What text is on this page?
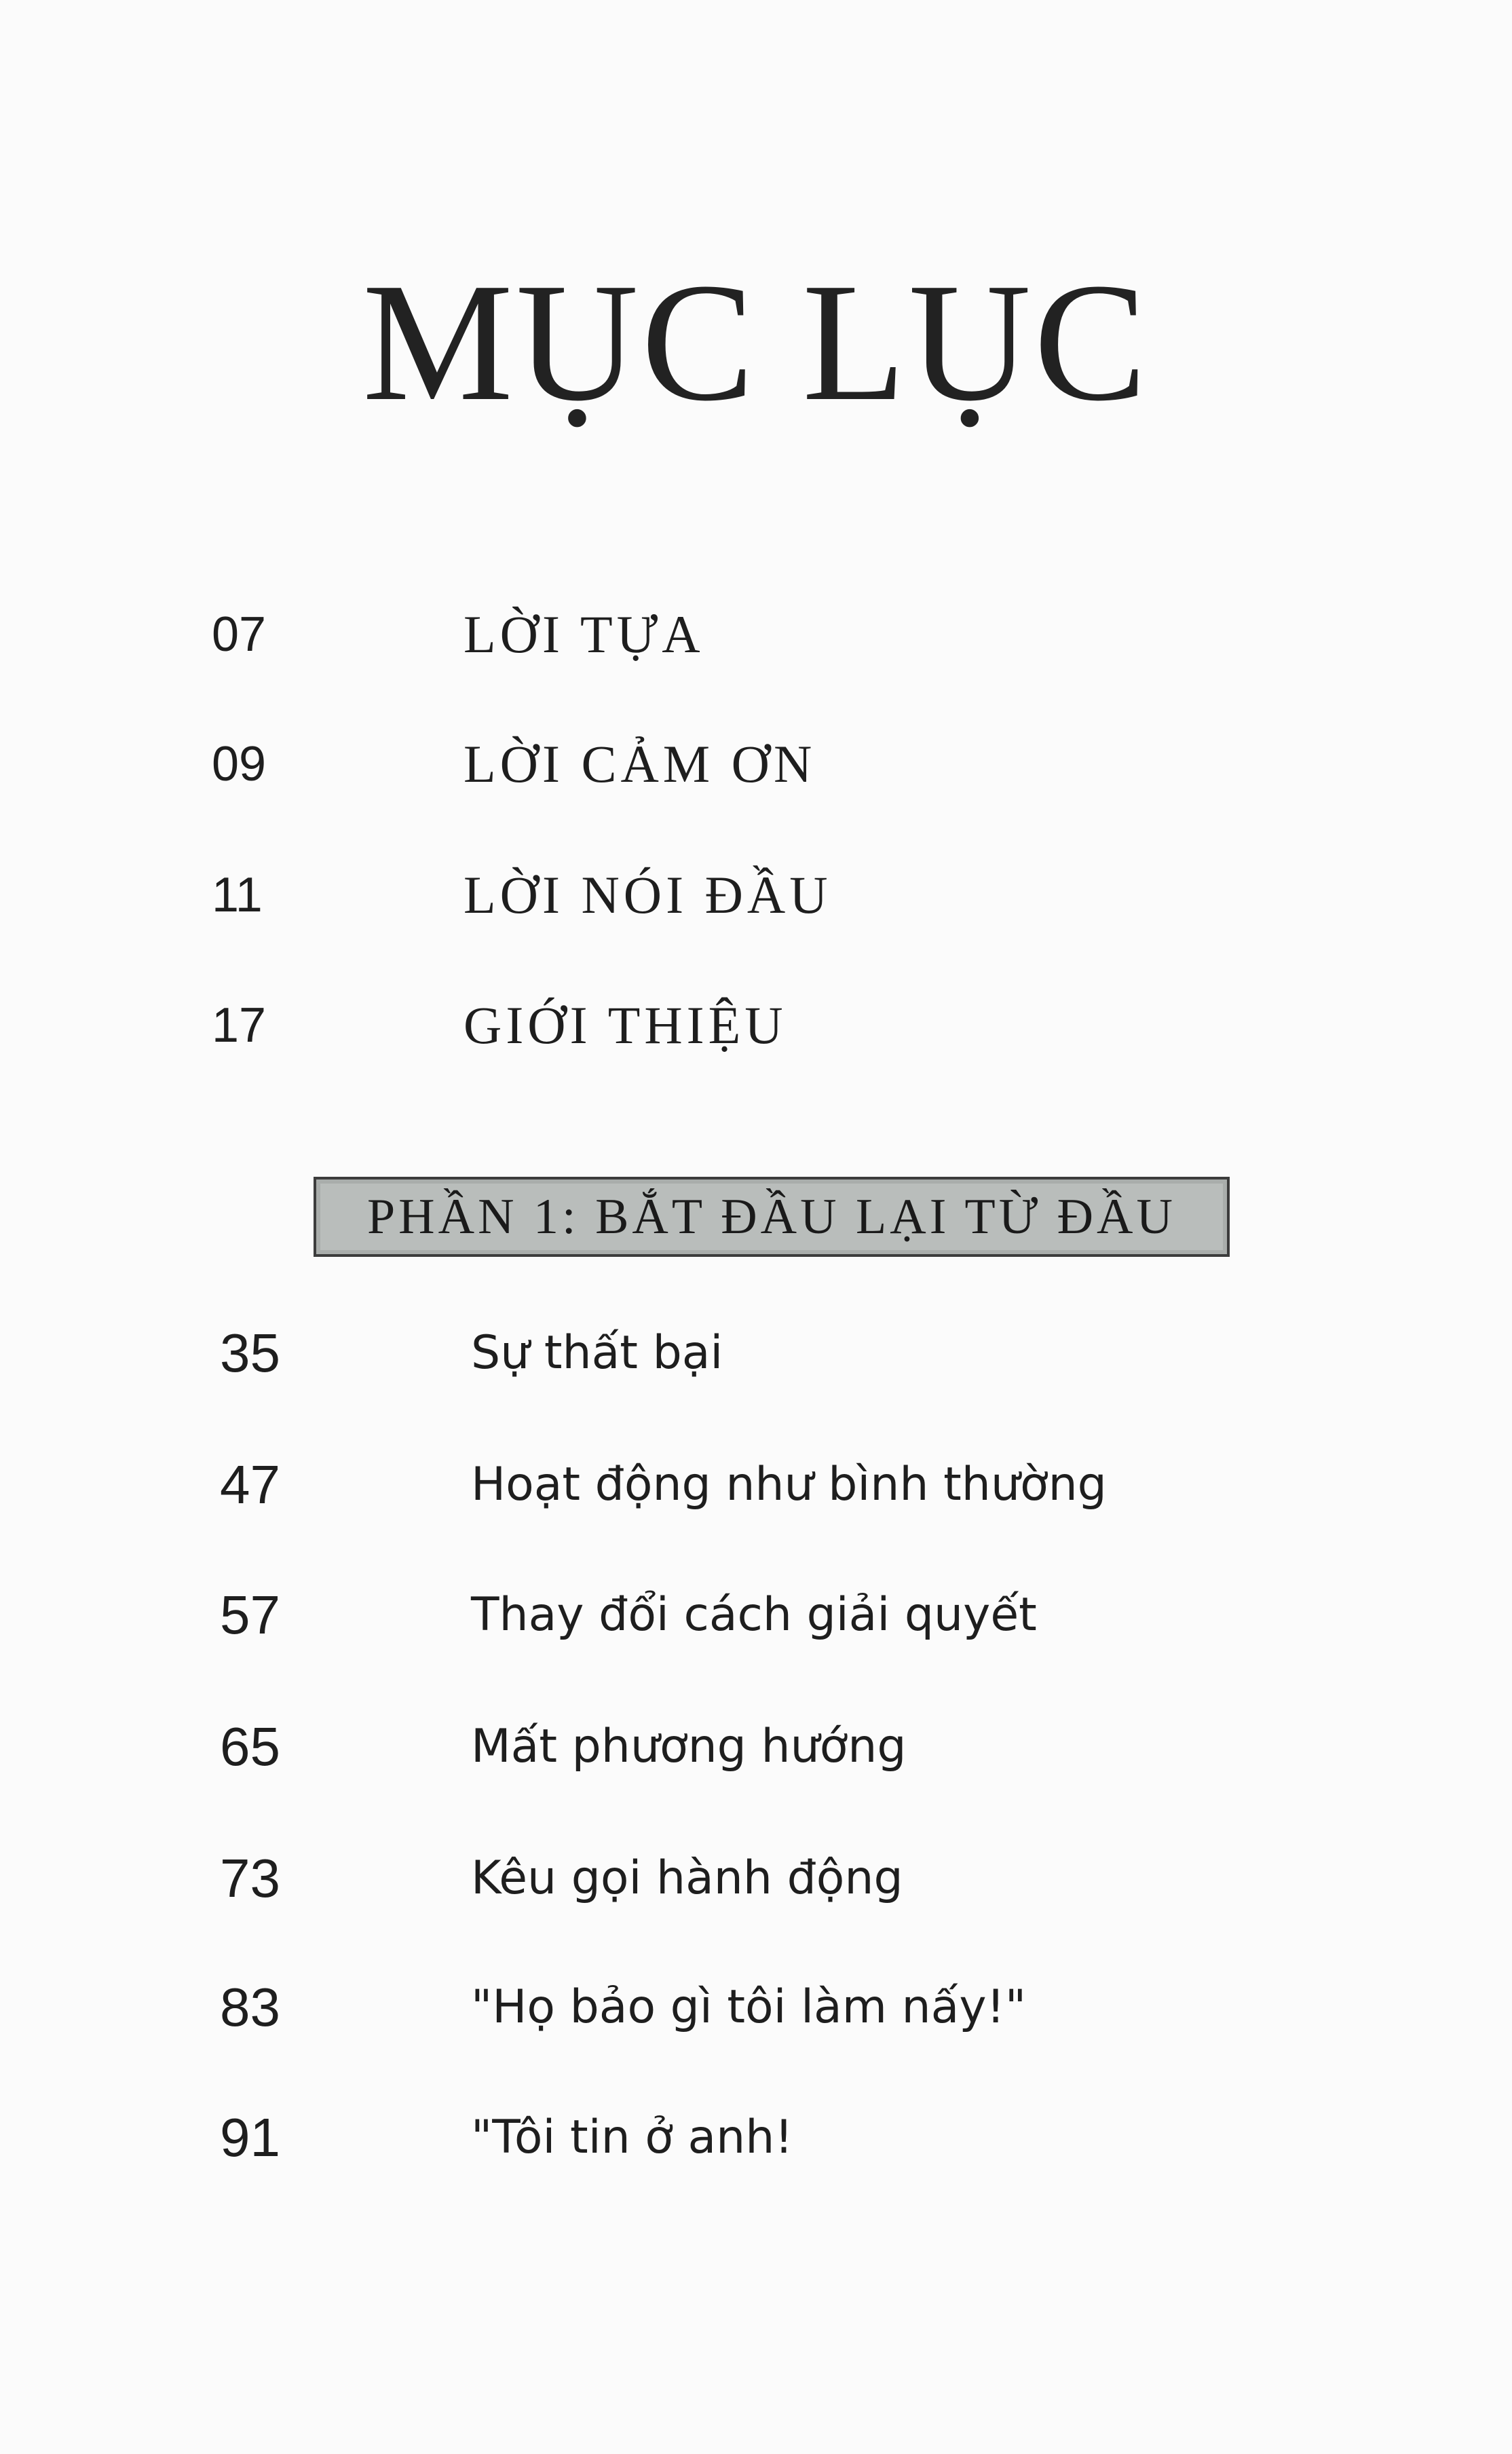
MỤC LỤC
07	LỜI TỰA
09	LỜI CẢM ƠN
11	LỜI NÓI ĐẦU
17	GIỚI THIỆU
PHẦN 1: BẮT ĐẦU LẠI TỪ ĐẦU
35	Sự thất bại
47	Hoạt động như bình thường
57	Thay đổi cách giải quyết
65	Mất phương hướng
73	Kêu gọi hành động
83	"Họ bảo gì tôi làm nấy!"
91	"Tôi tin ở anh!
